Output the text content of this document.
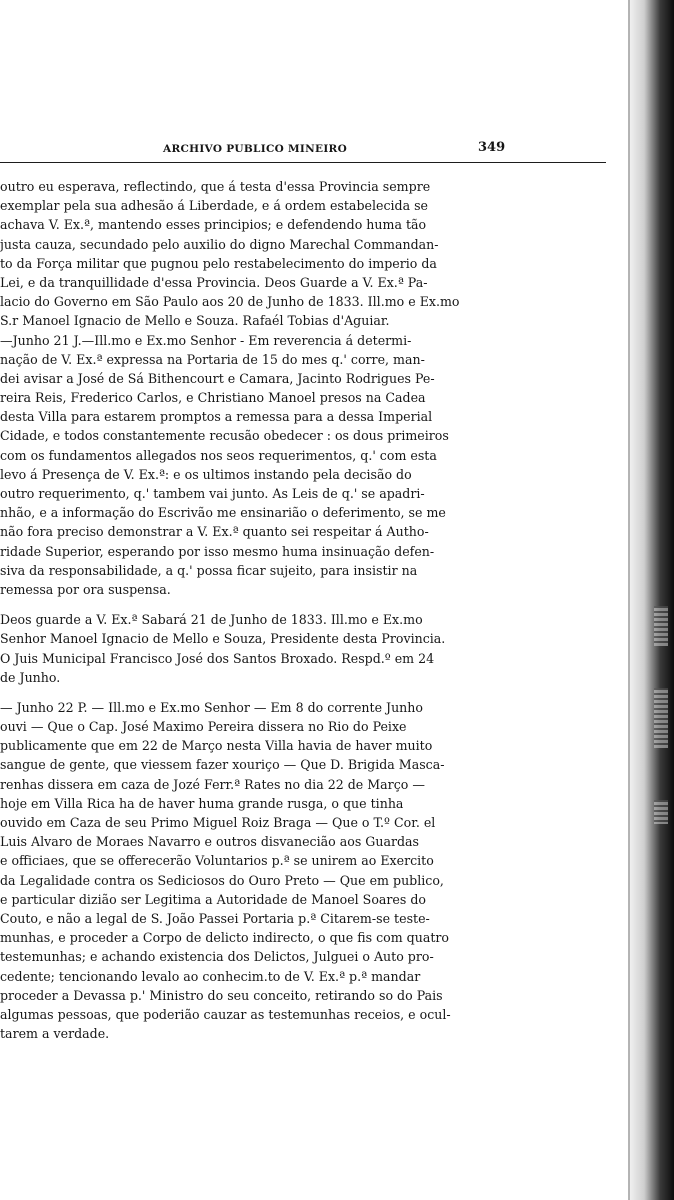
ARCHIVO PUBLICO MINEIRO	349
outro eu esperava, reflectindo, que á testa d'essa Provincia sempre
exemplar pela sua adhesão á Liberdade, e á ordem estabelecida se
achava V. Ex.ª, mantendo esses principios; e defendendo huma tão
justa cauza, secundado pelo auxilio do digno Marechal Commandan-
to da Força militar que pugnou pelo restabelecimento do imperio da
Lei, e da tranquillidade d'essa Provincia. Deos Guarde a V. Ex.ª Pa-
lacio do Governo em São Paulo aos 20 de Junho de 1833. Ill.mo e Ex.mo
S.r Manoel Ignacio de Mello e Souza. Rafaél Tobias d'Aguiar.
—Junho 21 J.—Ill.mo e Ex.mo Senhor - Em reverencia á determi-
nação de V. Ex.ª expressa na Portaria de 15 do mes q.' corre, man-
dei avisar a José de Sá Bithencourt e Camara, Jacinto Rodrigues Pe-
reira Reis, Frederico Carlos, e Christiano Manoel presos na Cadea
desta Villa para estarem promptos a remessa para a dessa Imperial
Cidade, e todos constantemente recusão obedecer : os dous primeiros
com os fundamentos allegados nos seos requerimentos, q.' com esta
levo á Presença de V. Ex.ª: e os ultimos instando pela decisão do
outro requerimento, q.' tambem vai junto. As Leis de q.' se apadri-
nhão, e a informação do Escrivão me ensinarião o deferimento, se me
não fora preciso demonstrar a V. Ex.ª quanto sei respeitar á Autho-
ridade Superior, esperando por isso mesmo huma insinuação defen-
siva da responsabilidade, a q.' possa ficar sujeito, para insistir na
remessa por ora suspensa.
Deos guarde a V. Ex.ª Sabará 21 de Junho de 1833. Ill.mo e Ex.mo
Senhor Manoel Ignacio de Mello e Souza, Presidente desta Provincia.
O Juis Municipal Francisco José dos Santos Broxado. Respd.º em 24
de Junho.
— Junho 22 P. — Ill.mo e Ex.mo Senhor — Em 8 do corrente Junho
ouvi — Que o Cap. José Maximo Pereira dissera no Rio do Peixe
publicamente que em 22 de Março nesta Villa havia de haver muito
sangue de gente, que viessem fazer xouriço — Que D. Brigida Masca-
renhas dissera em caza de Jozé Ferr.ª Rates no dia 22 de Março —
hoje em Villa Rica ha de haver huma grande rusga, o que tinha
ouvido em Caza de seu Primo Miguel Roiz Braga — Que o T.º Cor. el
Luis Alvaro de Moraes Navarro e outros disvanecião aos Guardas
e officiaes, que se offerecerão Voluntarios p.ª se unirem ao Exercito
da Legalidade contra os Sediciosos do Ouro Preto — Que em publico,
e particular dizião ser Legitima a Autoridade de Manoel Soares do
Couto, e não a legal de S. João Passei Portaria p.ª Citarem-se teste-
munhas, e proceder a Corpo de delicto indirecto, o que fis com quatro
testemunhas; e achando existencia dos Delictos, Julguei o Auto pro-
cedente; tencionando levalo ao conhecim.to de V. Ex.ª p.ª mandar
proceder a Devassa p.' Ministro do seu conceito, retirando so do Pais
algumas pessoas, que poderião cauzar as testemunhas receios, e ocul-
tarem a verdade.
